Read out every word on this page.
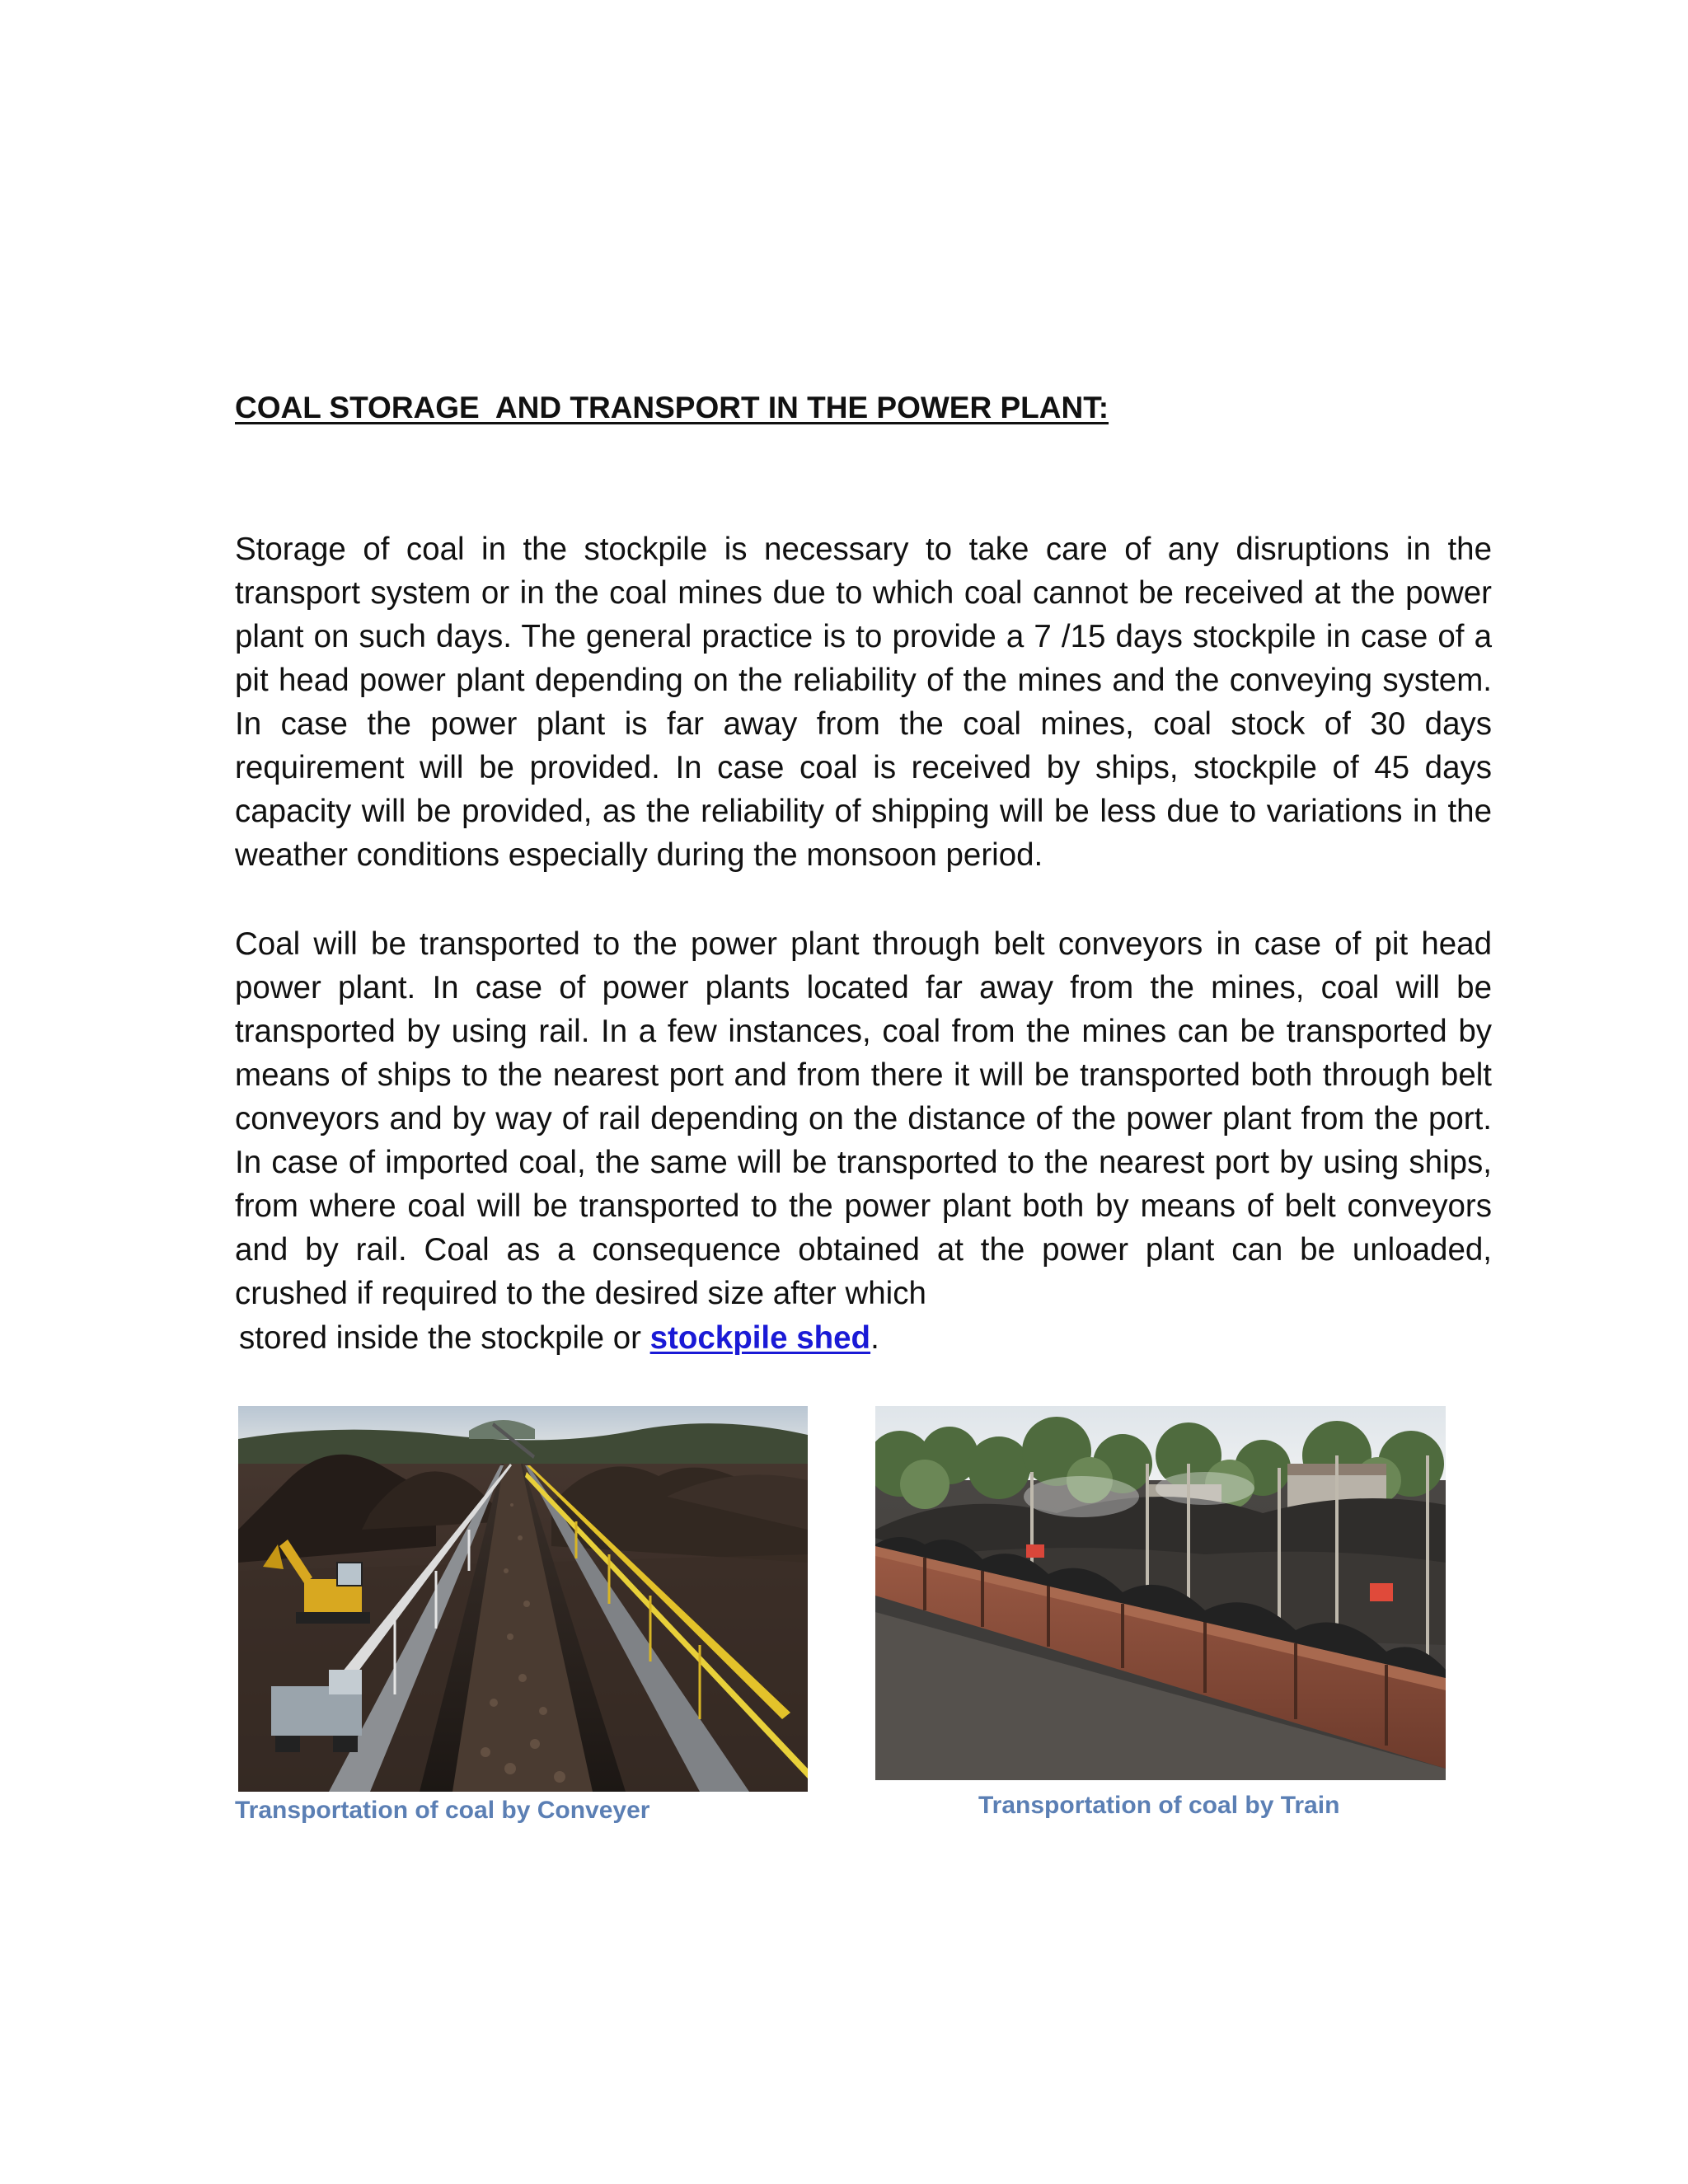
COAL STORAGE  AND TRANSPORT IN THE POWER PLANT:

Storage of coal in the stockpile is necessary to take care of any disruptions in the transport system or in the coal mines due to which coal cannot be received at the power plant on such days. The general practice is to provide a 7 /15 days stockpile in case of a pit head power plant depending on the reliability of the mines and the conveying system. In case the power plant is far away from the coal mines, coal stock of 30 days requirement will be provided. In case coal is received by ships, stockpile of 45 days capacity will be provided, as the reliability of shipping will be less due to variations in the weather conditions especially during the monsoon period.

Coal will be transported to the power plant through belt conveyors in case of pit head power plant. In case of power plants located far away from the mines, coal will be transported by using rail. In a few instances, coal from the mines can be transported by means of ships to the nearest port and from there it will be transported both through belt conveyors and by way of rail depending on the distance of the power plant from the port. In case of imported coal, the same will be transported to the nearest port by using ships, from where coal will be transported to the power plant both by means of belt conveyors and by rail. Coal as a consequence obtained at the power plant can be unloaded, crushed if required to the desired size after which

stored inside the stockpile or stockpile shed.

Transportation of coal by Conveyer	Transportation of coal by Train
